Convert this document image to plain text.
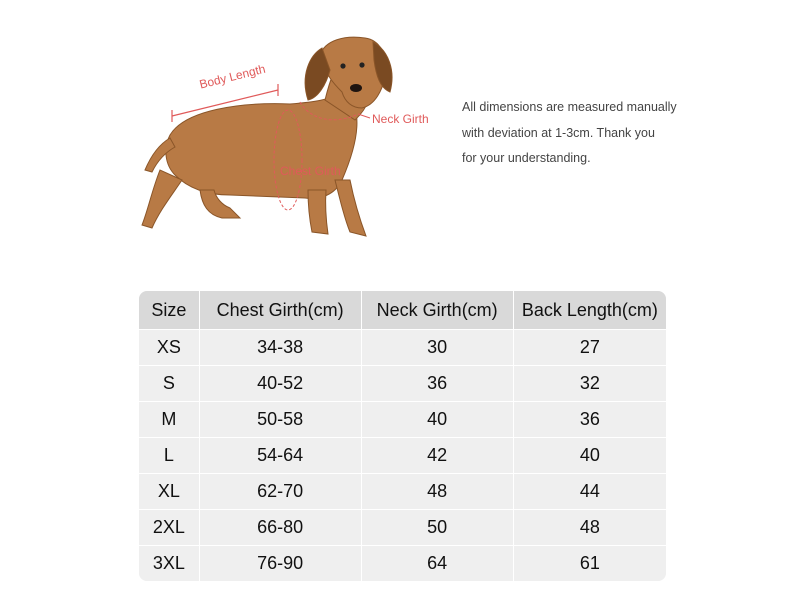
Body Length
Neck Girth
Chest Girth
All dimensions are measured manually
with deviation at 1-3cm. Thank you
for your understanding.
Size	Chest Girth(cm)	Neck Girth(cm)	Back Length(cm)
XS	34-38	30	27
S	40-52	36	32
M	50-58	40	36
L	54-64	42	40
XL	62-70	48	44
2XL	66-80	50	48
3XL	76-90	64	61
